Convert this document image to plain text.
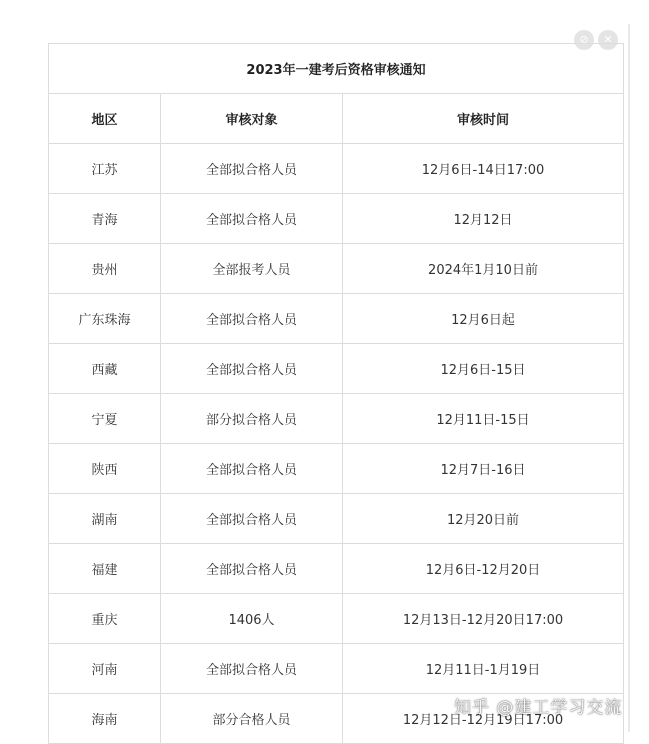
⊘	✕
2023年一建考后资格审核通知		
地区	审核对象	审核时间
江苏	全部拟合格人员	12月6日-14日17:00
青海	全部拟合格人员	12月12日
贵州	全部报考人员	2024年1月10日前
广东珠海	全部拟合格人员	12月6日起
西藏	全部拟合格人员	12月6日-15日
宁夏	部分拟合格人员	12月11日-15日
陕西	全部拟合格人员	12月7日-16日
湖南	全部拟合格人员	12月20日前
福建	全部拟合格人员	12月6日-12月20日
重庆	1406人	12月13日-12月20日17:00
河南	全部拟合格人员	12月11日-1月19日
海南	部分合格人员	12月12日-12月19日17:00
知乎 @建工学习交流
